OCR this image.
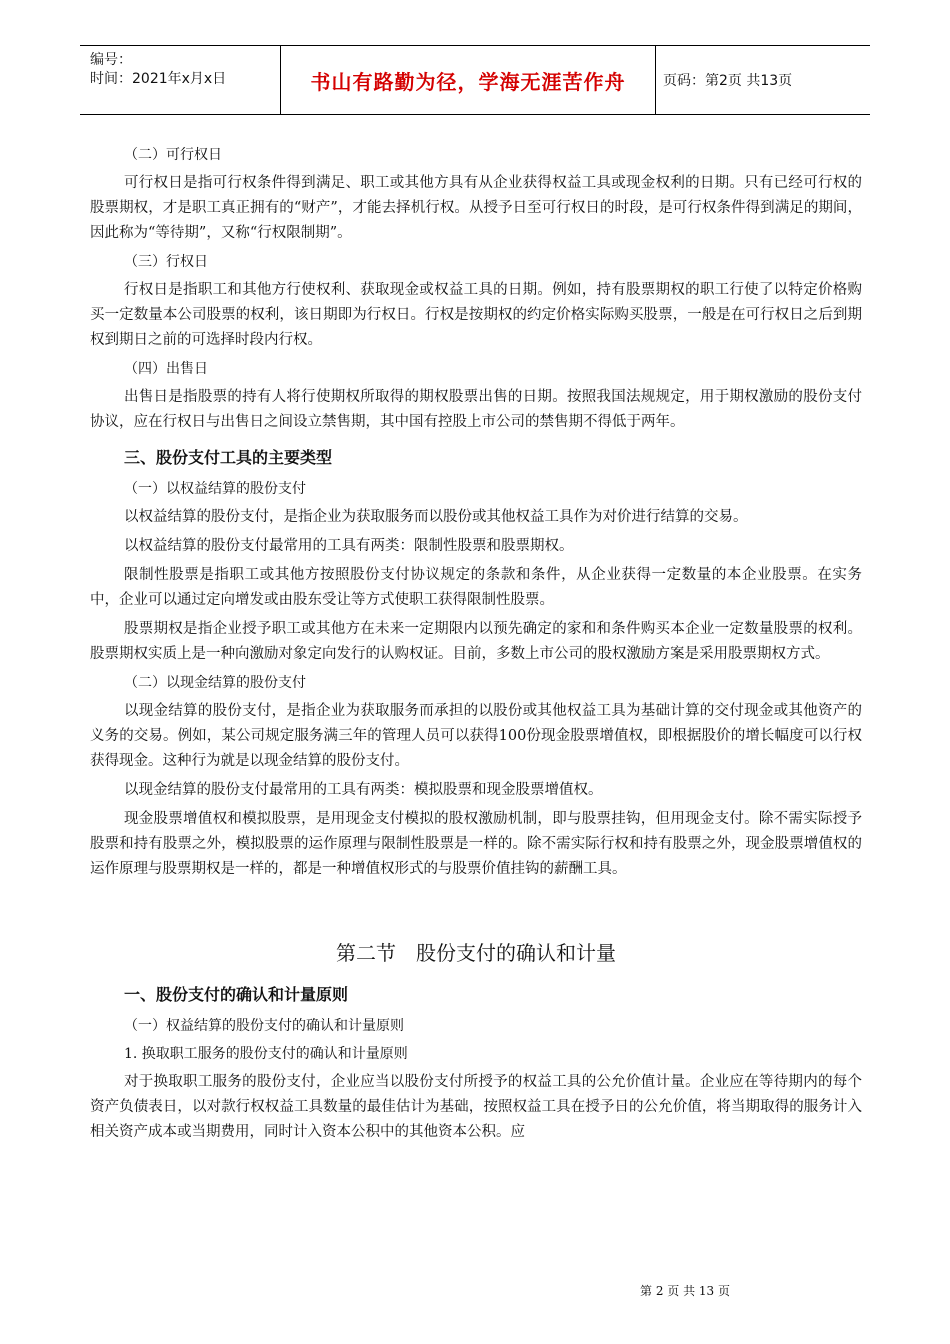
编号：
时间：2021年x月x日	书山有路勤为径，学海无涯苦作舟	页码：第2页 共13页
（二）可行权日
可行权日是指可行权条件得到满足、职工或其他方具有从企业获得权益工具或现金权利的日期。只有已经可行权的股票期权，才是职工真正拥有的“财产”，才能去择机行权。从授予日至可行权日的时段，是可行权条件得到满足的期间，因此称为“等待期”，又称“行权限制期”。
（三）行权日
行权日是指职工和其他方行使权利、获取现金或权益工具的日期。例如，持有股票期权的职工行使了以特定价格购买一定数量本公司股票的权利，该日期即为行权日。行权是按期权的约定价格实际购买股票，一般是在可行权日之后到期权到期日之前的可选择时段内行权。
（四）出售日
出售日是指股票的持有人将行使期权所取得的期权股票出售的日期。按照我国法规规定，用于期权激励的股份支付协议，应在行权日与出售日之间设立禁售期，其中国有控股上市公司的禁售期不得低于两年。
三、股份支付工具的主要类型
（一）以权益结算的股份支付
以权益结算的股份支付，是指企业为获取服务而以股份或其他权益工具作为对价进行结算的交易。
以权益结算的股份支付最常用的工具有两类：限制性股票和股票期权。
限制性股票是指职工或其他方按照股份支付协议规定的条款和条件，从企业获得一定数量的本企业股票。在实务中，企业可以通过定向增发或由股东受让等方式使职工获得限制性股票。
股票期权是指企业授予职工或其他方在未来一定期限内以预先确定的家和和条件购买本企业一定数量股票的权利。股票期权实质上是一种向激励对象定向发行的认购权证。目前，多数上市公司的股权激励方案是采用股票期权方式。
（二）以现金结算的股份支付
以现金结算的股份支付，是指企业为获取服务而承担的以股份或其他权益工具为基础计算的交付现金或其他资产的义务的交易。例如，某公司规定服务满三年的管理人员可以获得100份现金股票增值权，即根据股价的增长幅度可以行权获得现金。这种行为就是以现金结算的股份支付。
以现金结算的股份支付最常用的工具有两类：模拟股票和现金股票增值权。
现金股票增值权和模拟股票，是用现金支付模拟的股权激励机制，即与股票挂钩，但用现金支付。除不需实际授予股票和持有股票之外，模拟股票的运作原理与限制性股票是一样的。除不需实际行权和持有股票之外，现金股票增值权的运作原理与股票期权是一样的，都是一种增值权形式的与股票价值挂钩的薪酬工具。
第二节　股份支付的确认和计量
一、股份支付的确认和计量原则
（一）权益结算的股份支付的确认和计量原则
1. 换取职工服务的股份支付的确认和计量原则
对于换取职工服务的股份支付，企业应当以股份支付所授予的权益工具的公允价值计量。企业应在等待期内的每个资产负债表日，以对款行权权益工具数量的最佳估计为基础，按照权益工具在授予日的公允价值，将当期取得的服务计入相关资产成本或当期费用，同时计入资本公积中的其他资本公积。应
第 2 页 共 13 页
